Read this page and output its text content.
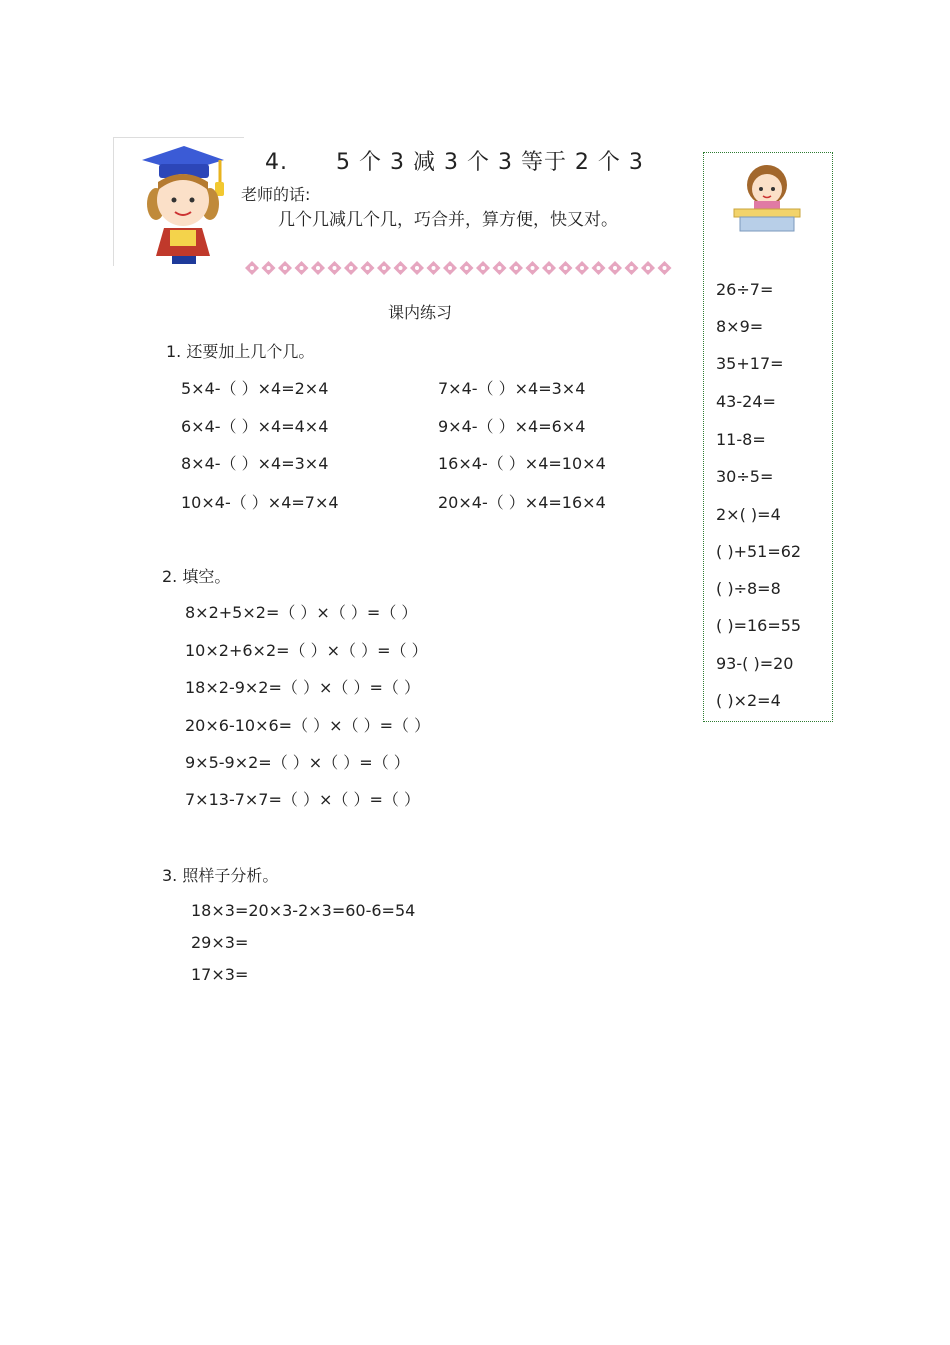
4. 5 个 3 减 3 个 3 等于 2 个 3
老师的话:
几个几减几个几，巧合并，算方便，快又对。
课内练习
1. 还要加上几个几。
5×4-（ ）×4=2×4
6×4-（ ）×4=4×4
8×4-（ ）×4=3×4
10×4-（ ）×4=7×4
7×4-（ ）×4=3×4
9×4-（ ）×4=6×4
16×4-（ ）×4=10×4
20×4-（ ）×4=16×4
2. 填空。
8×2+5×2=（ ）×（ ）=（ ）
10×2+6×2=（ ）×（ ）=（ ）
18×2-9×2=（ ）×（ ）=（ ）
20×6-10×6=（ ）×（ ）=（ ）
9×5-9×2=（ ）×（ ）=（ ）
7×13-7×7=（ ）×（ ）=（ ）
3. 照样子分析。
18×3=20×3-2×3=60-6=54
29×3=
17×3=
26÷7=
8×9=
35+17=
43-24=
11-8=
30÷5=
2×( )=4
( )+51=62
( )÷8=8
( )=16=55
93-( )=20
( )×2=4
